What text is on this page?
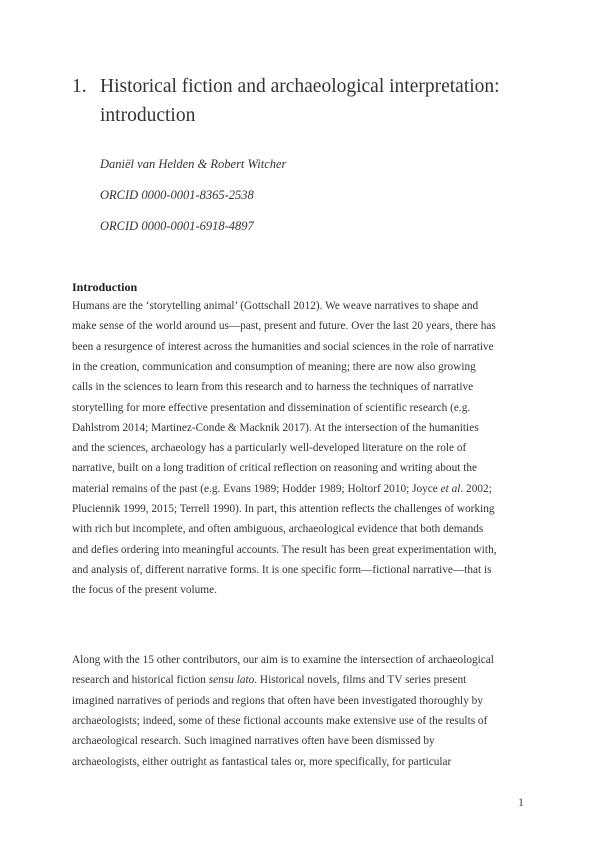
1. Historical fiction and archaeological interpretation:
introduction
Daniël van Helden & Robert Witcher
ORCID 0000-0001-8365-2538
ORCID 0000-0001-6918-4897
Introduction
Humans are the ‘storytelling animal’ (Gottschall 2012). We weave narratives to shape and
make sense of the world around us—past, present and future. Over the last 20 years, there has
been a resurgence of interest across the humanities and social sciences in the role of narrative
in the creation, communication and consumption of meaning; there are now also growing
calls in the sciences to learn from this research and to harness the techniques of narrative
storytelling for more effective presentation and dissemination of scientific research (e.g.
Dahlstrom 2014; Martinez-Conde & Macknik 2017). At the intersection of the humanities
and the sciences, archaeology has a particularly well-developed literature on the role of
narrative, built on a long tradition of critical reflection on reasoning and writing about the
material remains of the past (e.g. Evans 1989; Hodder 1989; Holtorf 2010; Joyce et al. 2002;
Pluciennik 1999, 2015; Terrell 1990). In part, this attention reflects the challenges of working
with rich but incomplete, and often ambiguous, archaeological evidence that both demands
and defies ordering into meaningful accounts. The result has been great experimentation with,
and analysis of, different narrative forms. It is one specific form—fictional narrative—that is
the focus of the present volume.
Along with the 15 other contributors, our aim is to examine the intersection of archaeological
research and historical fiction sensu lato. Historical novels, films and TV series present
imagined narratives of periods and regions that often have been investigated thoroughly by
archaeologists; indeed, some of these fictional accounts make extensive use of the results of
archaeological research. Such imagined narratives often have been dismissed by
archaeologists, either outright as fantastical tales or, more specifically, for particular
1
